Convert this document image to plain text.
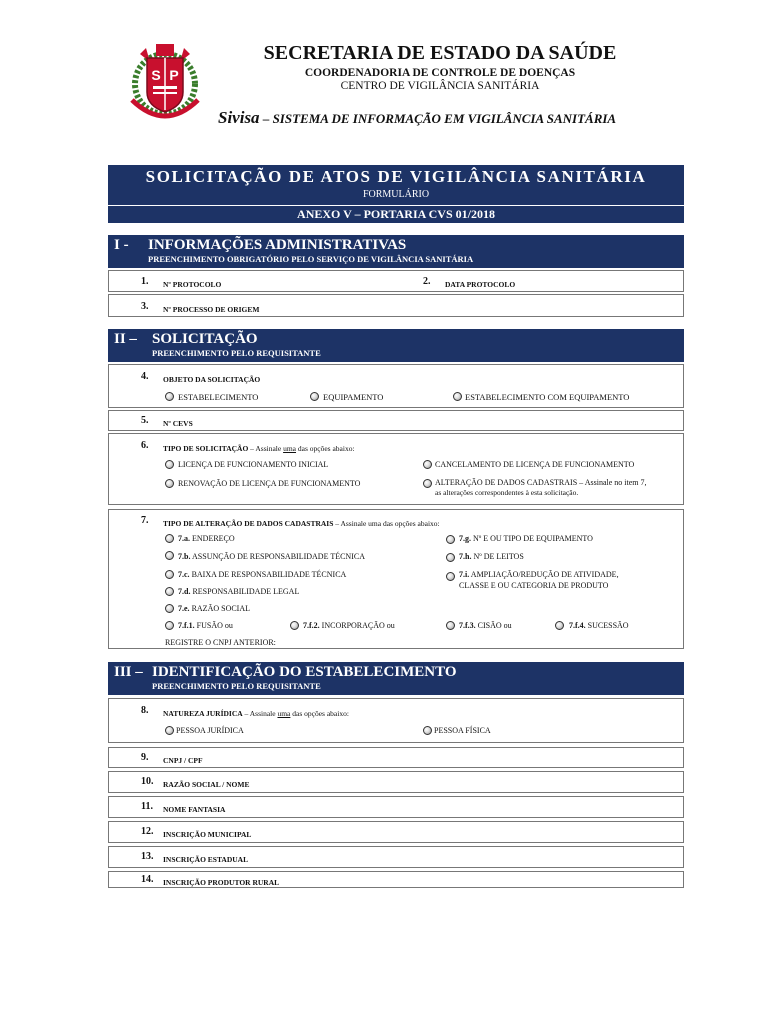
S P
SECRETARIA DE ESTADO DA SAÚDE
COORDENADORIA DE CONTROLE DE DOENÇAS
CENTRO DE VIGILÂNCIA SANITÁRIA
Sivisa – SISTEMA DE INFORMAÇÃO EM VIGILÂNCIA SANITÁRIA
SOLICITAÇÃO DE ATOS DE VIGILÂNCIA SANITÁRIA
FORMULÁRIO
ANEXO V – PORTARIA CVS 01/2018
I - INFORMAÇÕES ADMINISTRATIVAS
PREENCHIMENTO OBRIGATÓRIO PELO SERVIÇO DE VIGILÂNCIA SANITÁRIA
1. Nº PROTOCOLO	2. DATA PROTOCOLO
3. Nº PROCESSO DE ORIGEM
II – SOLICITAÇÃO
PREENCHIMENTO PELO REQUISITANTE
4. OBJETO DA SOLICITAÇÃO
ESTABELECIMENTO	EQUIPAMENTO	ESTABELECIMENTO COM EQUIPAMENTO
5. Nº CEVS
6. TIPO DE SOLICITAÇÃO – Assinale uma das opções abaixo:
LICENÇA DE FUNCIONAMENTO INICIAL	CANCELAMENTO DE LICENÇA DE FUNCIONAMENTO
RENOVAÇÃO DE LICENÇA DE FUNCIONAMENTO	ALTERAÇÃO DE DADOS CADASTRAIS – Assinale no item 7,
as alterações correspondentes à esta solicitação.
7. TIPO DE ALTERAÇÃO DE DADOS CADASTRAIS – Assinale uma das opções abaixo:
7.a. ENDEREÇO	7.g. Nº E OU TIPO DE EQUIPAMENTO
7.b. ASSUNÇÃO DE RESPONSABILIDADE TÉCNICA	7.h. Nº DE LEITOS
7.c. BAIXA DE RESPONSABILIDADE TÉCNICA	7.i. AMPLIAÇÃO/REDUÇÃO DE ATIVIDADE,
CLASSE E OU CATEGORIA DE PRODUTO
7.d. RESPONSABILIDADE LEGAL
7.e. RAZÃO SOCIAL
7.f.1. FUSÃO ou	7.f.2. INCORPORAÇÃO ou	7.f.3. CISÃO ou	7.f.4. SUCESSÃO
REGISTRE O CNPJ ANTERIOR:
III – IDENTIFICAÇÃO DO ESTABELECIMENTO
PREENCHIMENTO PELO REQUISITANTE
8. NATUREZA JURÍDICA – Assinale uma das opções abaixo:
PESSOA JURÍDICA	PESSOA FÍSICA
9. CNPJ / CPF
10. RAZÃO SOCIAL / NOME
11. NOME FANTASIA
12. INSCRIÇÃO MUNICIPAL
13. INSCRIÇÃO ESTADUAL
14. INSCRIÇÃO PRODUTOR RURAL
